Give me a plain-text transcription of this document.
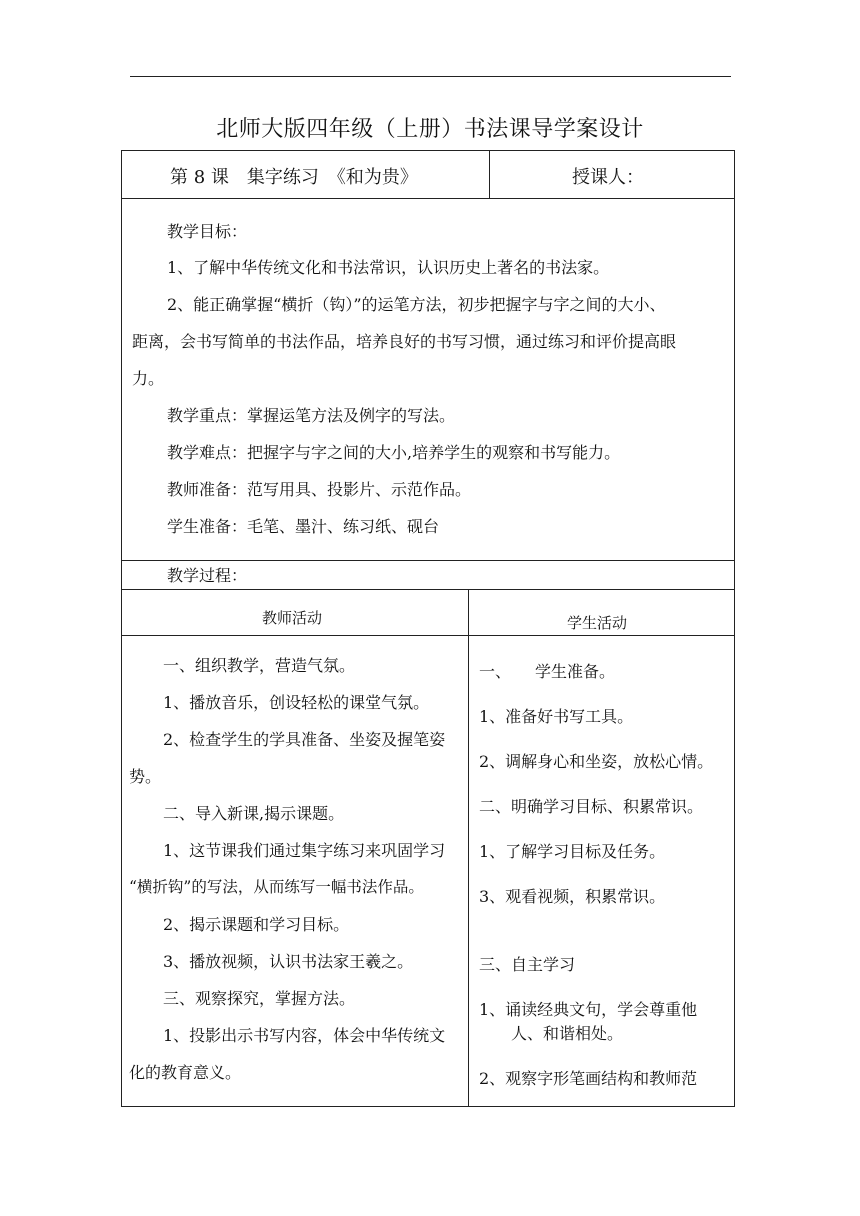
北师大版四年级（上册）书法课导学案设计
第 8 课　集字练习　《和为贵》	授课人：
教学目标：
1、了解中华传统文化和书法常识，认识历史上著名的书法家。
2、能正确掌握“横折（钩）”的运笔方法，初步把握字与字之间的大小、
距离，会书写简单的书法作品，培养良好的书写习惯，通过练习和评价提高眼
力。
教学重点：掌握运笔方法及例字的写法。
教学难点：把握字与字之间的大小,培养学生的观察和书写能力。
教师准备：范写用具、投影片、示范作品。
学生准备：毛笔、墨汁、练习纸、砚台
教学过程：
教师活动	学生活动
一、组织教学，营造气氛。
1、播放音乐，创设轻松的课堂气氛。
2、检查学生的学具准备、坐姿及握笔姿
势。
二、导入新课,揭示课题。
1、这节课我们通过集字练习来巩固学习
“横折钩”的写法，从而练写一幅书法作品。
2、揭示课题和学习目标。
3、播放视频，认识书法家王羲之。
三、观察探究，掌握方法。
1、投影出示书写内容，体会中华传统文
化的教育意义。
一、　　学生准备。
1、准备好书写工具。
2、调解身心和坐姿，放松心情。
二、明确学习目标、积累常识。
1、了解学习目标及任务。
3、观看视频，积累常识。
三、自主学习
1、诵读经典文句，学会尊重他
　　人、和谐相处。
2、观察字形笔画结构和教师范
